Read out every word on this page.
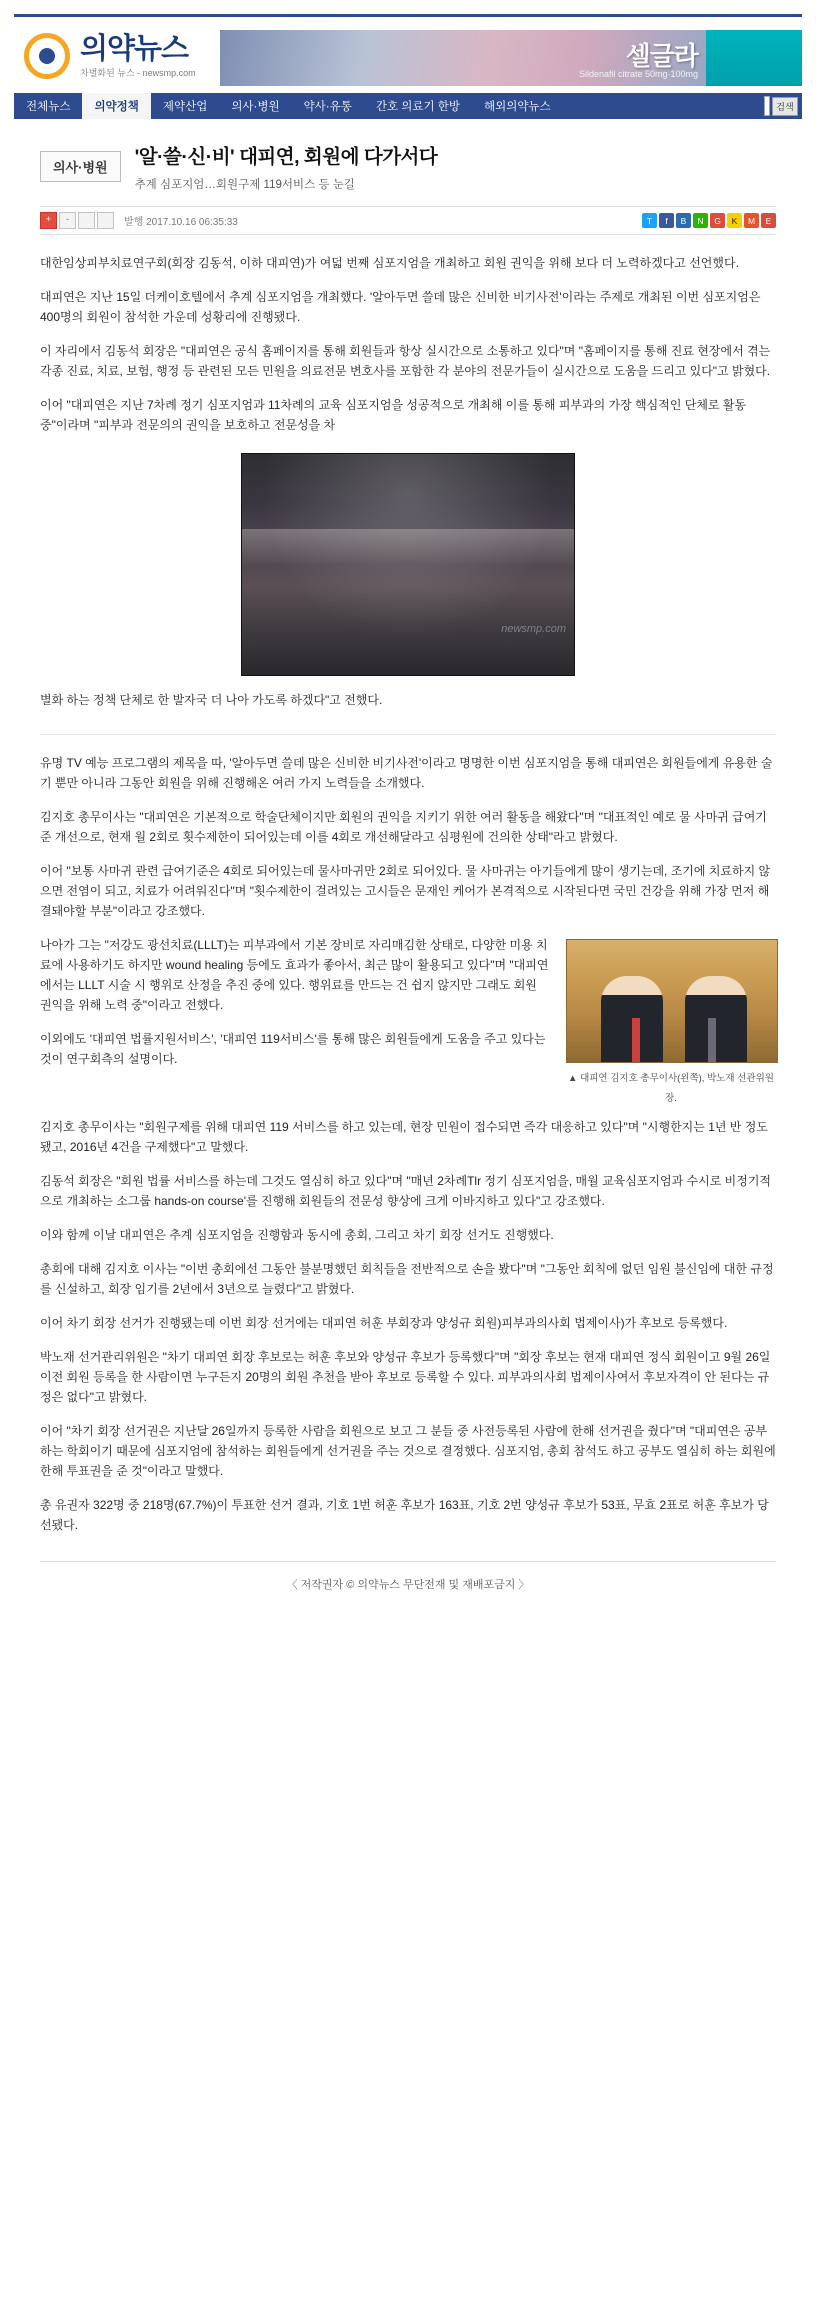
의약뉴스
차별화된 뉴스 - newsmp.com
셀글라
Sildenafil citrate 50mg·100mg
전체뉴스	의약정책	제약산업	의사·병원	약사·유통	간호 의료기 한방	해외의약뉴스	검색
의사·병원	'알·쓸·신·비' 대피연, 회원에 다가서다
추계 심포지엄…회원구제 119서비스 등 눈길
+	-	발행 2017.10.16 06:35:33	T	f	B	N	G	K	M	E

대한임상피부치료연구회(회장 김동석, 이하 대피연)가 여덟 번째 심포지엄을 개최하고 회원 권익을 위해 보다 더 노력하겠다고 선언했다.

대피연은 지난 15일 더케이호텔에서 추계 심포지엄을 개최했다. '알아두면 쓸데 많은 신비한 비기사전'이라는 주제로 개최된 이번 심포지엄은 400명의 회원이 참석한 가운데 성황리에 진행됐다.

이 자리에서 김동석 회장은 "대피연은 공식 홈페이지를 통해 회원들과 항상 실시간으로 소통하고 있다"며 "홈페이지를 통해 진료 현장에서 겪는 각종 진료, 치료, 보험, 행정 등 관련된 모든 민원을 의료전문 변호사를 포함한 각 분야의 전문가들이 실시간으로 도움을 드리고 있다"고 밝혔다.

이어 "대피연은 지난 7차례 정기 심포지엄과 11차례의 교육 심포지엄을 성공적으로 개최해 이를 통해 피부과의 가장 핵심적인 단체로 활동 중"이라며 "피부과 전문의의 권익을 보호하고 전문성을 차

newsmp.com

별화 하는 정책 단체로 한 발자국 더 나아 가도록 하겠다"고 전했다.

유명 TV 예능 프로그램의 제목을 따, '알아두면 쓸데 많은 신비한 비기사전'이라고 명명한 이번 심포지엄을 통해 대피연은 회원들에게 유용한 술기 뿐만 아니라 그동안 회원을 위해 진행해온 여러 가지 노력들을 소개했다.

김지호 총무이사는 "대피연은 기본적으로 학술단체이지만 회원의 권익을 지키기 위한 여러 활동을 해왔다"며 "대표적인 예로 물 사마귀 급여기준 개선으로, 현재 월 2회로 횟수제한이 되어있는데 이를 4회로 개선해달라고 심평원에 건의한 상태"라고 밝혔다.

이어 "보통 사마귀 관련 급여기준은 4회로 되어있는데 물사마귀만 2회로 되어있다. 물 사마귀는 아기들에게 많이 생기는데, 조기에 치료하지 않으면 전염이 되고, 치료가 어려워진다"며 "횟수제한이 걸려있는 고시들은 문재인 케어가 본격적으로 시작된다면 국민 건강을 위해 가장 먼저 해결돼야할 부분"이라고 강조했다.

▲ 대피연 김지호 총무이사(왼쪽), 박노재 선관위원장.

나아가 그는 "저강도 광선치료(LLLT)는 피부과에서 기본 장비로 자리매김한 상태로, 다양한 미용 치료에 사용하기도 하지만 wound healing 등에도 효과가 좋아서, 최근 많이 활용되고 있다"며 "대피연에서는 LLLT 시술 시 행위로 산정을 추진 중에 있다. 행위료를 만드는 건 쉽지 않지만 그래도 회원 권익을 위해 노력 중"이라고 전했다.

이외에도 '대피연 법률지원서비스', '대피연 119서비스'를 통해 많은 회원들에게 도움을 주고 있다는 것이 연구회측의 설명이다.

김지호 총무이사는 "회원구제를 위해 대피연 119 서비스를 하고 있는데, 현장 민원이 접수되면 즉각 대응하고 있다"며 "시행한지는 1년 반 정도 됐고, 2016년 4건을 구제했다"고 말했다.

김동석 회장은 "회원 법률 서비스를 하는데 그것도 열심히 하고 있다"며 "매년 2차례Tlr 정기 심포지엄을, 매월 교육심포지엄과 수시로 비정기적으로 개최하는 소그룹 hands-on course'를 진행해 회원들의 전문성 향상에 크게 이바지하고 있다"고 강조했다.

이와 함께 이날 대피연은 추계 심포지엄을 진행함과 동시에 총회, 그리고 차기 회장 선거도 진행했다.

총회에 대해 김지호 이사는 "이번 총회에선 그동안 불분명했던 회칙들을 전반적으로 손을 봤다"며 "그동안 회칙에 없던 임원 불신임에 대한 규정를 신설하고, 회장 임기를 2년에서 3년으로 늘렸다"고 밝혔다.

이어 차기 회장 선거가 진행됐는데 이번 회장 선거에는 대피연 허훈 부회장과 양성규 회원)피부과의사회 법제이사)가 후보로 등록했다.

박노재 선거관리위원은 "차기 대피연 회장 후보로는 허훈 후보와 양성규 후보가 등록했다"며 "회장 후보는 현재 대피연 정식 회원이고 9월 26일 이전 회원 등록을 한 사람이면 누구든지 20명의 회원 추천을 받아 후보로 등록할 수 있다. 피부과의사회 법제이사여서 후보자격이 안 된다는 규정은 없다"고 밝혔다.

이어 "차기 회장 선거권은 지난달 26일까지 등록한 사람을 회원으로 보고 그 분들 중 사전등록된 사람에 한해 선거권을 줬다"며 "대피연은 공부하는 학회이기 때문에 심포지엄에 참석하는 회원들에게 선거권을 주는 것으로 결정했다. 심포지엄, 총회 참석도 하고 공부도 열심히 하는 회원에 한해 투표권을 준 것"이라고 말했다.

총 유권자 322명 중 218명(67.7%)이 투표한 선거 결과, 기호 1번 허훈 후보가 163표, 기호 2번 양성규 후보가 53표, 무효 2표로 허훈 후보가 당선됐다.

〈 저작권자 © 의약뉴스 무단전재 및 재배포금지 〉
